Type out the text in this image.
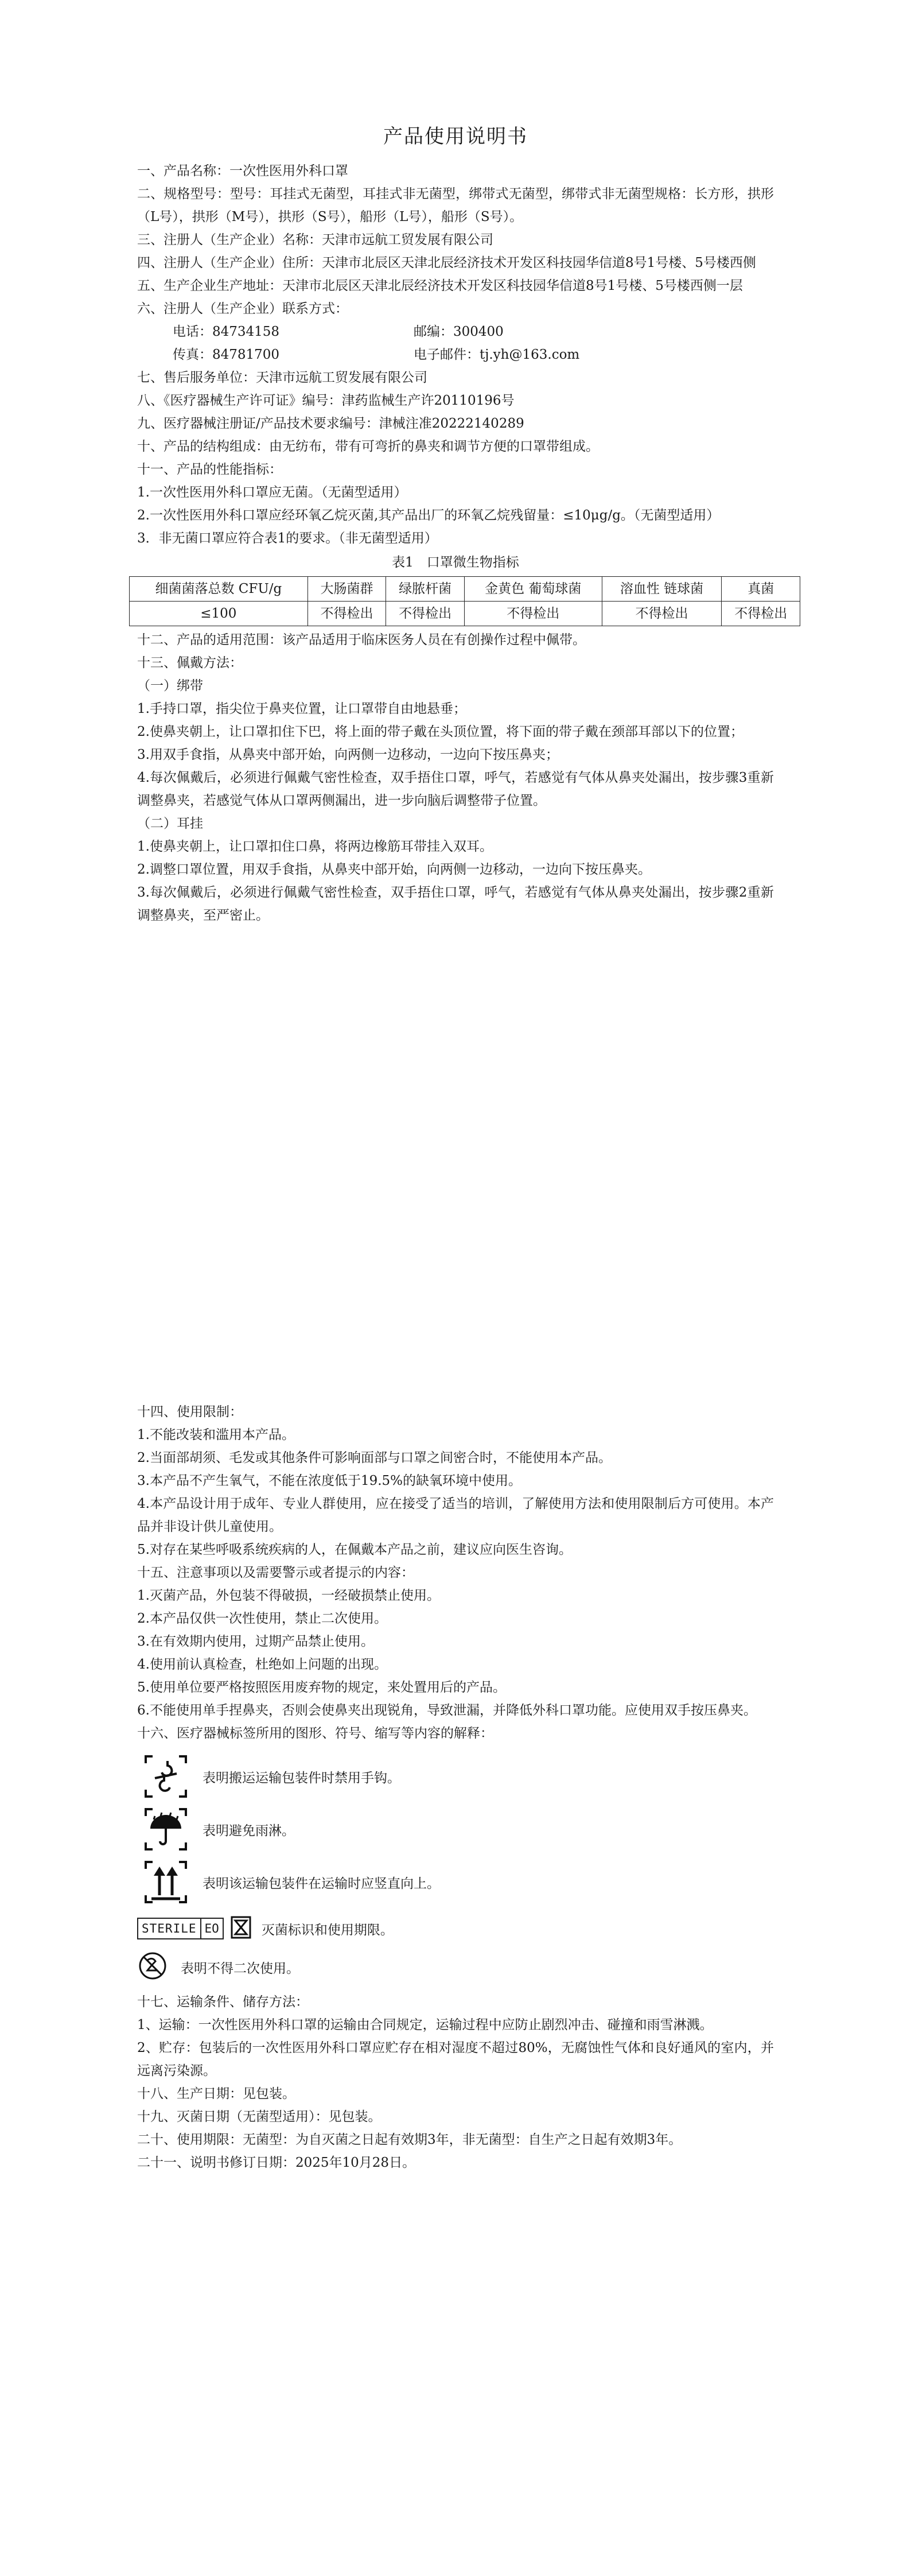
产品使用说明书

一、产品名称：一次性医用外科口罩

二、规格型号：型号：耳挂式无菌型，耳挂式非无菌型，绑带式无菌型，绑带式非无菌型规格：长方形，拱形（L号），拱形（M号），拱形（S号），船形（L号），船形（S号）。

三、注册人（生产企业）名称：天津市远航工贸发展有限公司

四、注册人（生产企业）住所：天津市北辰区天津北辰经济技术开发区科技园华信道8号1号楼、5号楼西侧

五、生产企业生产地址：天津市北辰区天津北辰经济技术开发区科技园华信道8号1号楼、5号楼西侧一层

六、注册人（生产企业）联系方式：

电话：84734158	邮编：300400
传真：84781700	电子邮件：tj.yh@163.com

七、售后服务单位：天津市远航工贸发展有限公司

八、《医疗器械生产许可证》编号：津药监械生产许20110196号

九、医疗器械注册证/产品技术要求编号：津械注准20222140289

十、产品的结构组成：由无纺布，带有可弯折的鼻夹和调节方便的口罩带组成。

十一、产品的性能指标：

1.一次性医用外科口罩应无菌。（无菌型适用）

2.一次性医用外科口罩应经环氧乙烷灭菌,其产品出厂的环氧乙烷残留量：≤10μg/g。（无菌型适用）

3．非无菌口罩应符合表1的要求。（非无菌型适用）

表1　口罩微生物指标
细菌菌落总数 CFU/g	大肠菌群	绿脓杆菌	金黄色 葡萄球菌	溶血性 链球菌	真菌
≤100	不得检出	不得检出	不得检出	不得检出	不得检出

十二、产品的适用范围：该产品适用于临床医务人员在有创操作过程中佩带。

十三、佩戴方法：

（一）绑带

1.手持口罩，指尖位于鼻夹位置，让口罩带自由地悬垂；

2.使鼻夹朝上，让口罩扣住下巴，将上面的带子戴在头顶位置，将下面的带子戴在颈部耳部以下的位置；

3.用双手食指，从鼻夹中部开始，向两侧一边移动，一边向下按压鼻夹；

4.每次佩戴后，必须进行佩戴气密性检查，双手捂住口罩，呼气，若感觉有气体从鼻夹处漏出，按步骤3重新调整鼻夹，若感觉气体从口罩两侧漏出，进一步向脑后调整带子位置。

（二）耳挂

1.使鼻夹朝上，让口罩扣住口鼻，将两边橡筋耳带挂入双耳。

2.调整口罩位置，用双手食指，从鼻夹中部开始，向两侧一边移动，一边向下按压鼻夹。

3.每次佩戴后，必须进行佩戴气密性检查，双手捂住口罩，呼气，若感觉有气体从鼻夹处漏出，按步骤2重新调整鼻夹，至严密止。

十四、使用限制：

1.不能改装和滥用本产品。

2.当面部胡须、毛发或其他条件可影响面部与口罩之间密合时，不能使用本产品。

3.本产品不产生氧气，不能在浓度低于19.5%的缺氧环境中使用。

4.本产品设计用于成年、专业人群使用，应在接受了适当的培训，了解使用方法和使用限制后方可使用。本产品并非设计供儿童使用。

5.对存在某些呼吸系统疾病的人，在佩戴本产品之前，建议应向医生咨询。

十五、注意事项以及需要警示或者提示的内容：

1.灭菌产品，外包装不得破损，一经破损禁止使用。

2.本产品仅供一次性使用，禁止二次使用。

3.在有效期内使用，过期产品禁止使用。

4.使用前认真检查，杜绝如上问题的出现。

5.使用单位要严格按照医用废弃物的规定，来处置用后的产品。

6.不能使用单手捏鼻夹，否则会使鼻夹出现锐角，导致泄漏，并降低外科口罩功能。应使用双手按压鼻夹。

十六、医疗器械标签所用的图形、符号、缩写等内容的解释：

表明搬运运输包装件时禁用手钩。
表明避免雨淋。
表明该运输包装件在运输时应竖直向上。
STERILE EO	灭菌标识和使用期限。
表明不得二次使用。

十七、运输条件、储存方法：

1、运输：一次性医用外科口罩的运输由合同规定，运输过程中应防止剧烈冲击、碰撞和雨雪淋溅。

2、贮存：包装后的一次性医用外科口罩应贮存在相对湿度不超过80%，无腐蚀性气体和良好通风的室内，并远离污染源。

十八、生产日期：见包装。

十九、灭菌日期（无菌型适用）：见包装。

二十、使用期限：无菌型：为自灭菌之日起有效期3年，非无菌型：自生产之日起有效期3年。

二十一、说明书修订日期：2025年10月28日。
